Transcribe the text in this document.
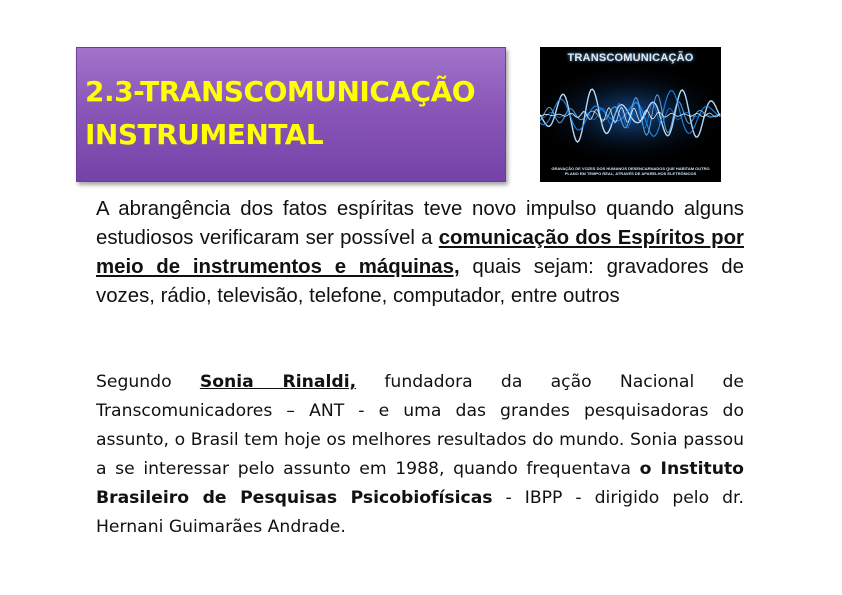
2.3-TRANSCOMUNICAÇÃO
INSTRUMENTAL
TRANSCOMUNICAÇÃO
GRAVAÇÃO DE VOZES DOS HUMANOS DESENCARNADOS QUE HABITAM OUTRO PLANO EM TEMPO REAL, ATRAVÉS DE APARELHOS ELETRÔNICOS
A abrangência dos fatos espíritas teve novo impulso quando alguns estudiosos verificaram ser possível a comunicação dos Espíritos por meio de instrumentos e máquinas, quais sejam: gravadores de vozes, rádio, televisão, telefone, computador, entre outros
Segundo Sonia Rinaldi, fundadora da ação Nacional de Transcomunicadores – ANT - e uma das grandes pesquisadoras do assunto, o Brasil tem hoje os melhores resultados do mundo. Sonia passou a se interessar pelo assunto em 1988, quando frequentava o Instituto Brasileiro de Pesquisas Psicobiofísicas - IBPP - dirigido pelo dr. Hernani Guimarães Andrade.
